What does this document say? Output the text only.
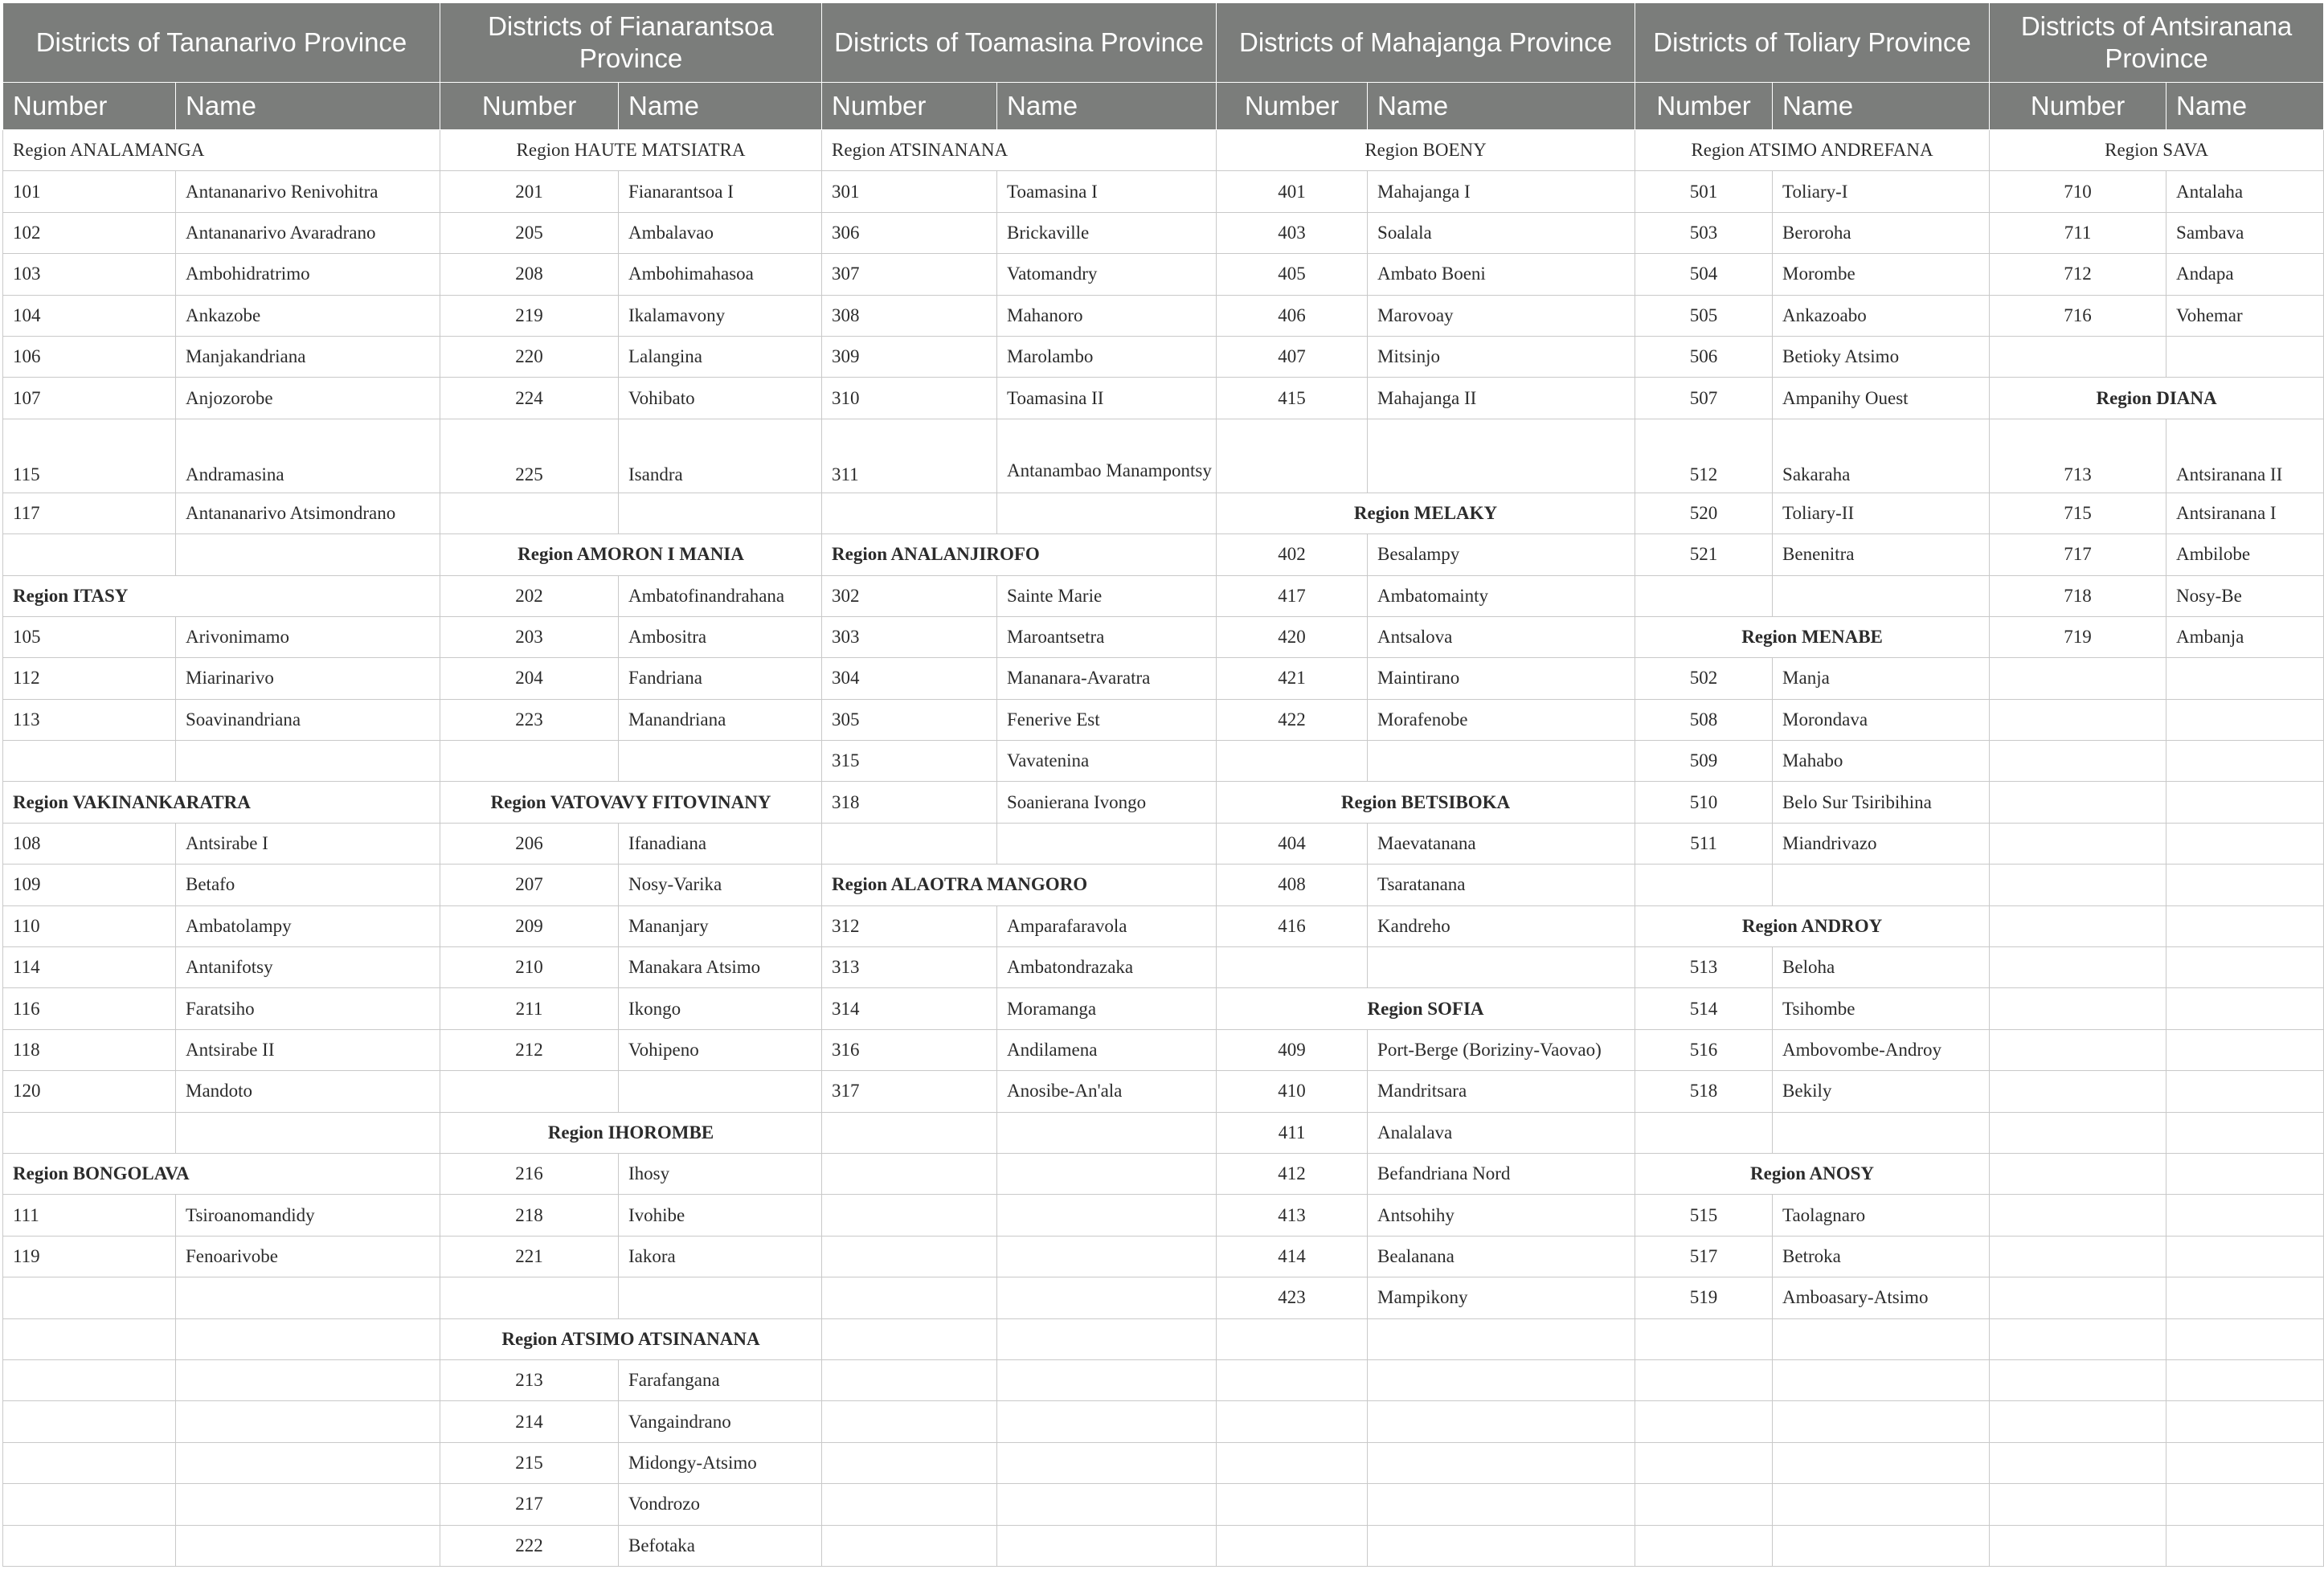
Districts of Tananarivo Province		Districts of Fianarantsoa Province		Districts of Toamasina Province		Districts of Mahajanga Province		Districts of Toliary Province		Districts of Antsiranana Province	
Number	Name	Number	Name	Number	Name	Number	Name	Number	Name	Number	Name
Region ANALAMANGA		Region HAUTE MATSIATRA		Region ATSINANANA		Region BOENY		Region ATSIMO ANDREFANA		Region SAVA	
101	Antananarivo Renivohitra	201	Fianarantsoa I	301	Toamasina I	401	Mahajanga I	501	Toliary-I	710	Antalaha
102	Antananarivo Avaradrano	205	Ambalavao	306	Brickaville	403	Soalala	503	Beroroha	711	Sambava
103	Ambohidratrimo	208	Ambohimahasoa	307	Vatomandry	405	Ambato Boeni	504	Morombe	712	Andapa
104	Ankazobe	219	Ikalamavony	308	Mahanoro	406	Marovoay	505	Ankazoabo	716	Vohemar
106	Manjakandriana	220	Lalangina	309	Marolambo	407	Mitsinjo	506	Betioky Atsimo		
107	Anjozorobe	224	Vohibato	310	Toamasina II	415	Mahajanga II	507	Ampanihy Ouest	Region DIANA	
115	Andramasina	225	Isandra	311	Antanambao Manampontsy			512	Sakaraha	713	Antsiranana II
117	Antananarivo Atsimondrano					Region MELAKY		520	Toliary-II	715	Antsiranana I
		Region AMORON I MANIA		Region ANALANJIROFO		402	Besalampy	521	Benenitra	717	Ambilobe
Region ITASY		202	Ambatofinandrahana	302	Sainte Marie	417	Ambatomainty			718	Nosy-Be
105	Arivonimamo	203	Ambositra	303	Maroantsetra	420	Antsalova	Region MENABE		719	Ambanja
112	Miarinarivo	204	Fandriana	304	Mananara-Avaratra	421	Maintirano	502	Manja		
113	Soavinandriana	223	Manandriana	305	Fenerive Est	422	Morafenobe	508	Morondava		
				315	Vavatenina			509	Mahabo		
Region VAKINANKARATRA		Region VATOVAVY FITOVINANY		318	Soanierana Ivongo	Region BETSIBOKA		510	Belo Sur Tsiribihina		
108	Antsirabe I	206	Ifanadiana			404	Maevatanana	511	Miandrivazo		
109	Betafo	207	Nosy-Varika	Region ALAOTRA MANGORO		408	Tsaratanana				
110	Ambatolampy	209	Mananjary	312	Amparafaravola	416	Kandreho	Region ANDROY			
114	Antanifotsy	210	Manakara Atsimo	313	Ambatondrazaka			513	Beloha		
116	Faratsiho	211	Ikongo	314	Moramanga	Region SOFIA		514	Tsihombe		
118	Antsirabe II	212	Vohipeno	316	Andilamena	409	Port-Berge (Boriziny-Vaovao)	516	Ambovombe-Androy		
120	Mandoto			317	Anosibe-An'ala	410	Mandritsara	518	Bekily		
		Region IHOROMBE				411	Analalava				
Region BONGOLAVA		216	Ihosy			412	Befandriana Nord	Region ANOSY			
111	Tsiroanomandidy	218	Ivohibe			413	Antsohihy	515	Taolagnaro		
119	Fenoarivobe	221	Iakora			414	Bealanana	517	Betroka		
						423	Mampikony	519	Amboasary-Atsimo		
		Region ATSIMO ATSINANANA									
		213	Farafangana								
		214	Vangaindrano								
		215	Midongy-Atsimo								
		217	Vondrozo								
		222	Befotaka								
